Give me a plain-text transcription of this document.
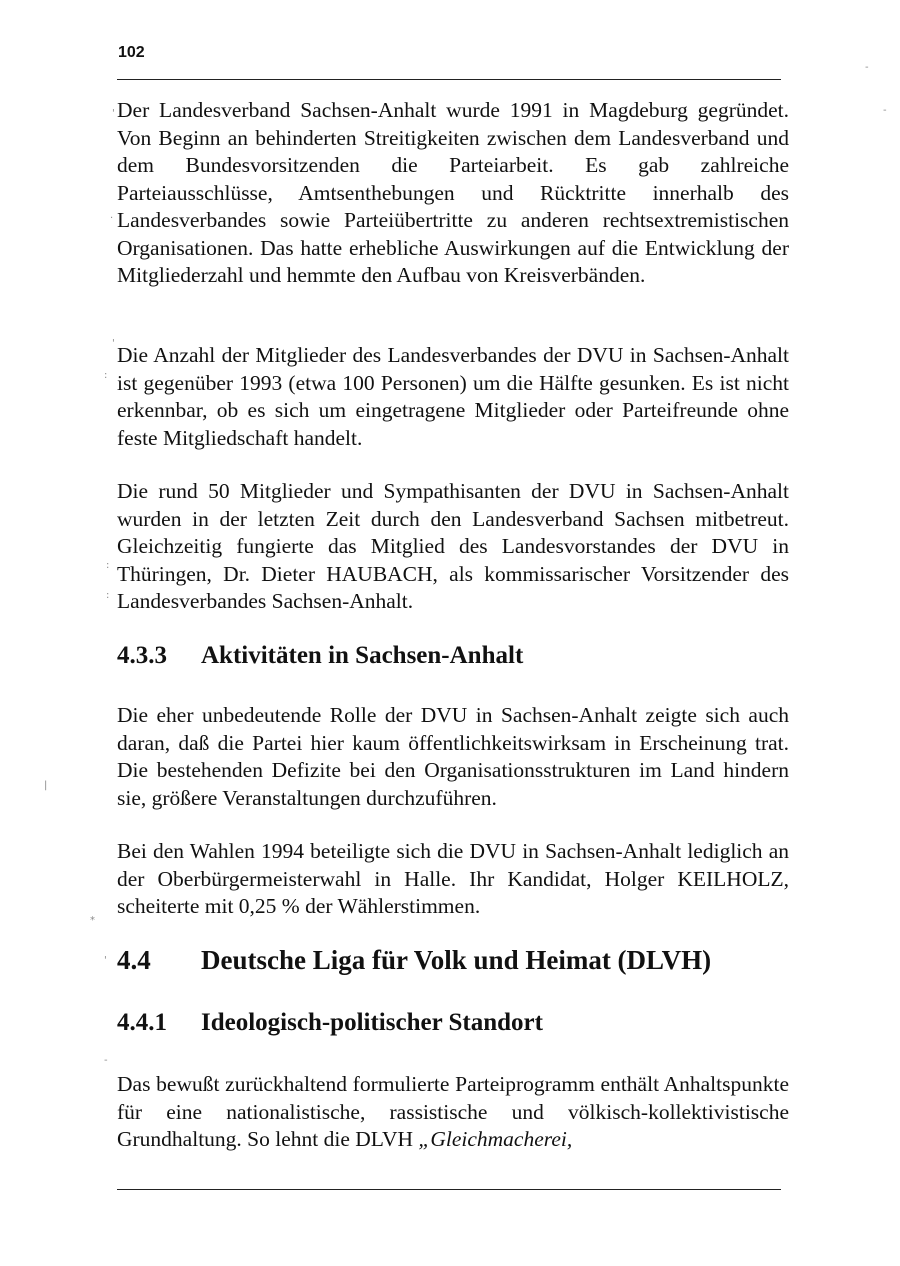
102

Der Landesverband Sachsen-Anhalt wurde 1991 in Magdeburg gegründet. Von Beginn an behinderten Streitigkeiten zwischen dem Landesverband und dem Bundesvorsitzenden die Parteiarbeit. Es gab zahlreiche Parteiausschlüsse, Amtsenthebungen und Rücktritte innerhalb des Landesverbandes sowie Parteiübertritte zu anderen rechtsextremistischen Organisationen. Das hatte erhebliche Auswirkungen auf die Entwicklung der Mitgliederzahl und hemmte den Aufbau von Kreisverbänden.

Die Anzahl der Mitglieder des Landesverbandes der DVU in Sachsen-Anhalt ist gegenüber 1993 (etwa 100 Personen) um die Hälfte gesunken. Es ist nicht erkennbar, ob es sich um eingetragene Mitglieder oder Parteifreunde ohne feste Mitgliedschaft handelt.

Die rund 50 Mitglieder und Sympathisanten der DVU in Sachsen-Anhalt wurden in der letzten Zeit durch den Landesverband Sachsen mitbetreut. Gleichzeitig fungierte das Mitglied des Landesvorstandes der DVU in Thüringen, Dr. Dieter HAUBACH, als kommissarischer Vorsitzender des Landesverbandes Sachsen-Anhalt.

4.3.3 Aktivitäten in Sachsen-Anhalt

Die eher unbedeutende Rolle der DVU in Sachsen-Anhalt zeigte sich auch daran, daß die Partei hier kaum öffentlichkeitswirksam in Erscheinung trat. Die bestehenden Defizite bei den Organisationsstrukturen im Land hindern sie, größere Veranstaltungen durchzuführen.

Bei den Wahlen 1994 beteiligte sich die DVU in Sachsen-Anhalt lediglich an der Oberbürgermeisterwahl in Halle. Ihr Kandidat, Holger KEILHOLZ, scheiterte mit 0,25 % der Wählerstimmen.

4.4 Deutsche Liga für Volk und Heimat (DLVH)
4.4.1 Ideologisch-politischer Standort

Das bewußt zurückhaltend formulierte Parteiprogramm enthält Anhaltspunkte für eine nationalistische, rassistische und völkisch-kollektivistische Grundhaltung. So lehnt die DLVH „Gleichmacherei,

'
.
'
:
:
:
|
⁎
'
-
-
-
